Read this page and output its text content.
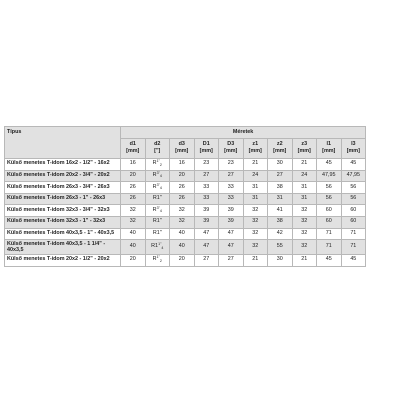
Típus	Méretek									
	d1
[mm]	d2
["]	d3
[mm]	D1
[mm]	D3
[mm]	z1
[mm]	z2
[mm]	z3
[mm]	l1
[mm]	l3
[mm]

Külső menetes T-idom 16x2 - 1/2" - 16x2	16	$R^{1"}_2$	16	23	23	21	30	21	45	45
Külső menetes T-idom 20x2 - 3/4" - 20x2	20	$R^{3"}_4$	20	27	27	24	27	24	47,95	47,95
Külső menetes T-idom 26x3 - 3/4" - 26x3	26	$R^{3"}_4$	26	33	33	31	38	31	56	56
Külső menetes T-idom 26x3 - 1" - 26x3	26	R1"	26	33	33	31	31	31	56	56
Külső menetes T-idom 32x3 - 3/4" - 32x3	32	$R^{3"}_4$	32	39	39	32	41	32	60	60
Külső menetes T-idom 32x3 - 1" - 32x3	32	R1"	32	39	39	32	38	32	60	60
Külső menetes T-idom 40x3,5 - 1" - 40x3,5	40	R1"	40	47	47	32	42	32	71	71
Külső menetes T-idom 40x3,5 - 1 1/4" - 40x3,5	40	$R1^{1"}_4$	40	47	47	32	55	32	71	71
Külső menetes T-idom 20x2 - 1/2" - 20x2	20	$R^{1"}_2$	20	27	27	21	30	21	45	45
